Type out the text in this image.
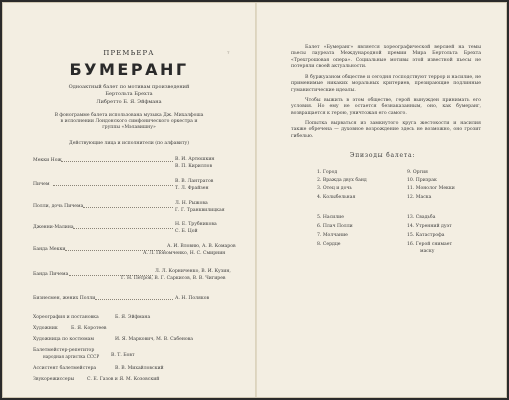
ПРЕМЬЕРА
БУМЕРАНГ
Одноактный балет по мотивам произведений
Бертольта Брехта
Либретто Б. Я. Эйфмана
В фонограмме балета использована музыка Дж. Михалфоша
в исполнении Лондонского симфонического оркестра и
группы «Мэлавишну»
Действующие лица и исполнители (по алфавиту)
Мекки Нож	В. И. Артюшкин
В. П. Кириллов
Пичем
В. В. Лантратов
Т. Л. Фрайзен
Полли, дочь Пичема
Л. Н. Рыжова
Г. Г. Транквилицкая
Дженни-Малина
Н. Е. Трубникова
С. Б. Цой
Банда Мекки
А. И. Вловню, А. В. Комаров
А. Л. Пономченко, Н. С. Смирнин
Банда Пичема
Л. Л. Корниченко, В. И. Кузин,
Г. Н. Петров, В. Г. Саркисов, В. В. Чигирев
Бизнесмен, жених Полли	А. Н. Поляков
Хореография и постановка	Б. Я. Эйфмана
Художник	Б. Я. Коротеев
Художница по костюмам	И. Я. Маркович, М. В. Сабенова
Балетмейстер-репетитор
народная артистка СССР	В. Т. Бовт
Ассистент балетмейстера	В. В. Михайловский
Звукорежиссеры	С. Е. Газов и Я. М. Козовский
7
Балет «Бумеранг» является хореографической версией на темы пьесы лауреата Международной премии Мира Бертольта Брехта «Трехгрошовая опера». Социальные мотивы этой известной пьесы не потеряли своей актуальности.
В буржуазном обществе и сегодня господствуют террор и насилие, не применимые никаких моральных критериев, презирающие подлинные гуманистические идеалы.
Чтобы выжить в этом обществе, герой вынужден принимать его условия. Но ему не остается безнаказанным, оно, как бумеранг, возвращается к герою, уничтожая его самого.
Попытка вырваться из замкнутого круга жестокости и насилия также обречена — духовное возрождение здесь не возможно, оно грозит гибелью.
Эпизоды балета:
1. Город
2. Вражда двух банд
3. Отец и дочь
4. Колыбельная
5. Насилие
6. Плач Полли
7. Молчание
8. Сердце
9. Оргия
10. Призрак
11. Монолог Мекки
12. Маска
13. Свадьба
14. Утренний дуэт
15. Катастрофа
16. Герой снимает
маску
